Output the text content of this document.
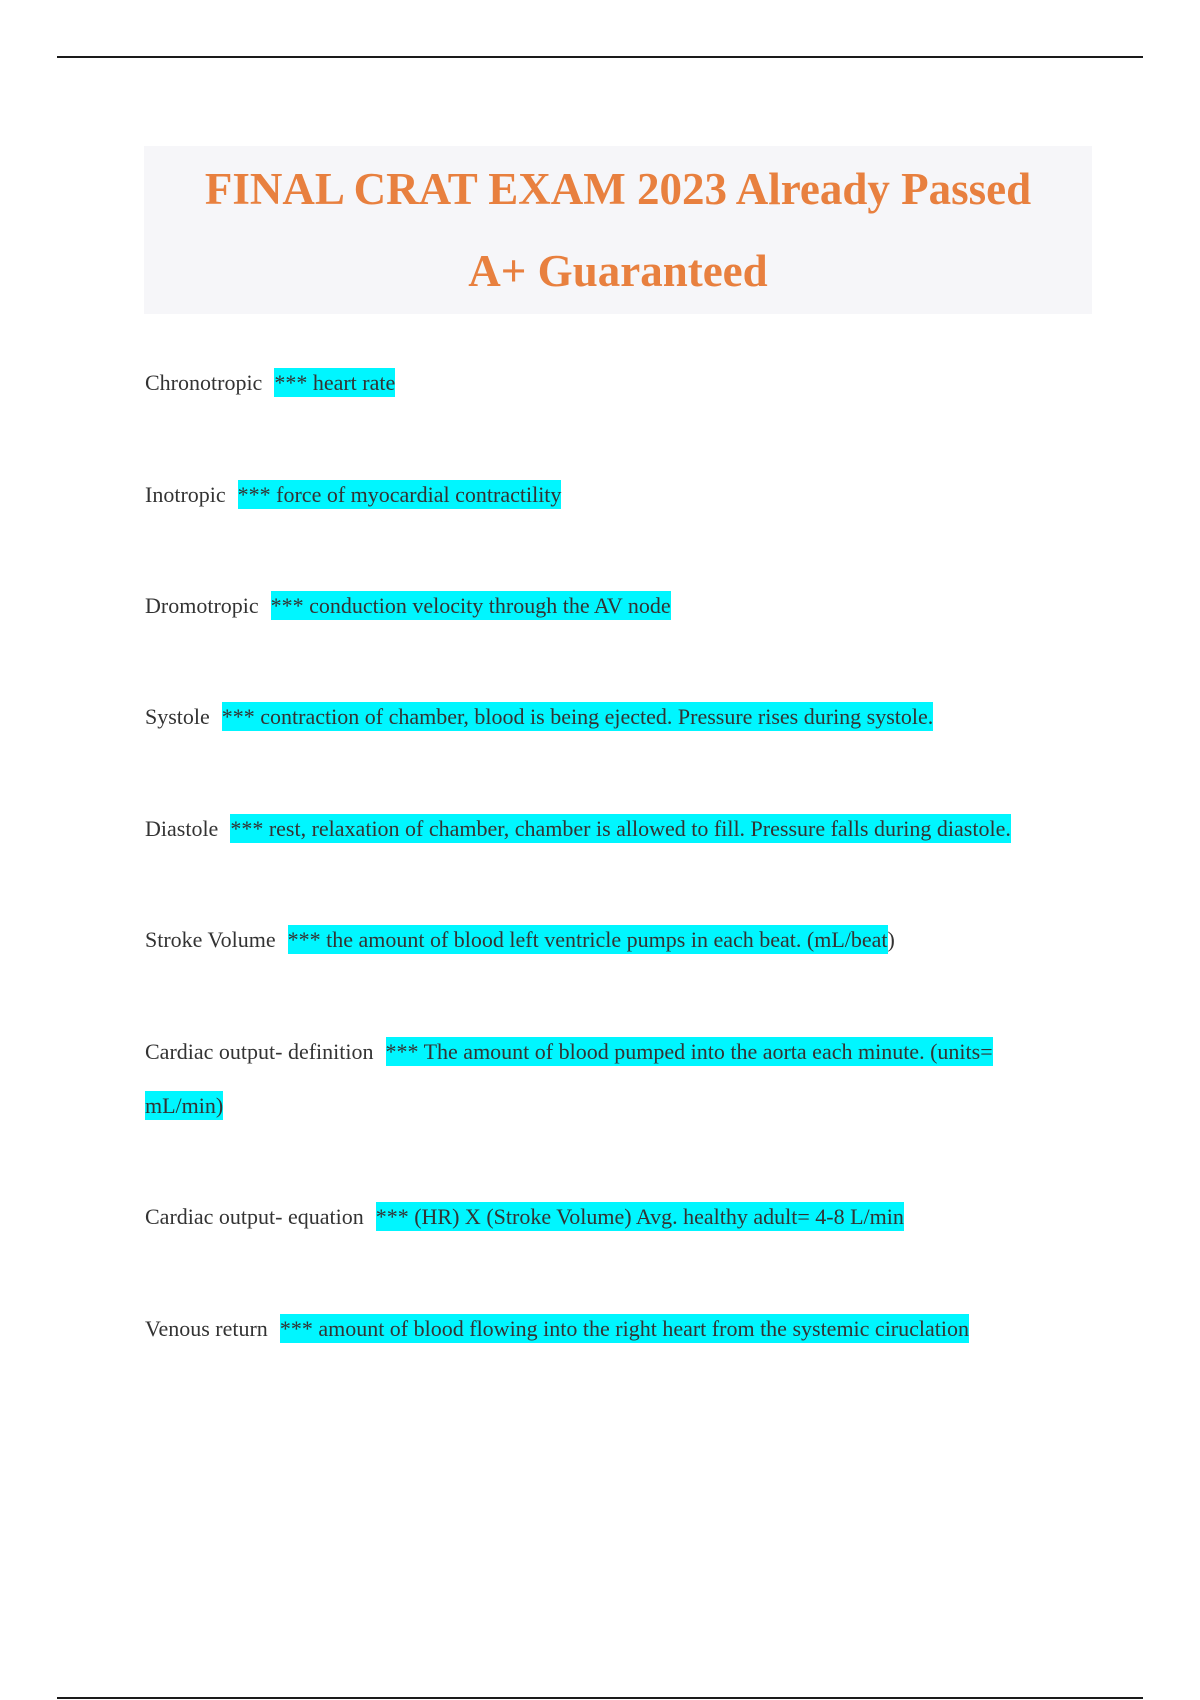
FINAL CRAT EXAM 2023 Already Passed

A+ Guaranteed

Chronotropic *** heart rate

Inotropic *** force of myocardial contractility

Dromotropic *** conduction velocity through the AV node

Systole *** contraction of chamber, blood is being ejected. Pressure rises during systole.

Diastole *** rest, relaxation of chamber, chamber is allowed to fill. Pressure falls during diastole.

Stroke Volume *** the amount of blood left ventricle pumps in each beat. (mL/beat)

Cardiac output- definition *** The amount of blood pumped into the aorta each minute. (units= mL/min)

Cardiac output- equation *** (HR) X (Stroke Volume) Avg. healthy adult= 4-8 L/min

Venous return *** amount of blood flowing into the right heart from the systemic ciruclation
